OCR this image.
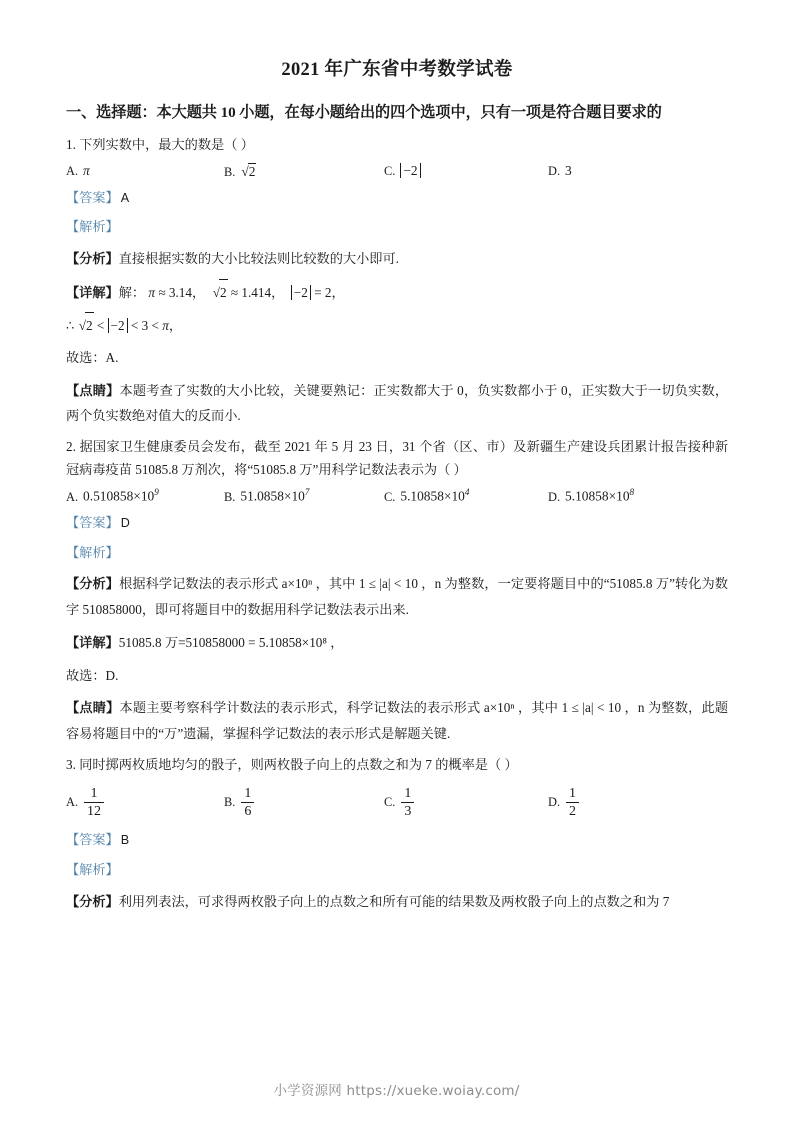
2021 年广东省中考数学试卷
一、选择题：本大题共 10 小题，在每小题给出的四个选项中，只有一项是符合题目要求的
1. 下列实数中，最大的数是（ ）
A. π	B. √2	C. −2	D. 3
【答案】 A
【解析】
【分析】直接根据实数的大小比较法则比较数的大小即可.
【详解】解： π ≈ 3.14，  √2 ≈ 1.414，  −2 = 2，
∴ √2 < −2 < 3 < π，
故选：A.
【点睛】本题考查了实数的大小比较，关键要熟记：正实数都大于 0，负实数都小于 0，正实数大于一切负实数，两个负实数绝对值大的反而小.
2. 据国家卫生健康委员会发布，截至 2021 年 5 月 23 日，31 个省（区、市）及新疆生产建设兵团累计报告接种新冠病毒疫苗 51085.8 万剂次，将“51085.8 万”用科学记数法表示为（ ）
A. $0.510858\times 10^9$	B. $51.0858\times 10^7$	C. $5.10858\times 10^4$	D. $5.10858\times 10^8$
【答案】 D
【解析】
【分析】根据科学记数法的表示形式 a×10ⁿ ，其中 1 ≤ |a| < 10 ，n 为整数，一定要将题目中的“51085.8 万”转化为数字 510858000，即可将题目中的数据用科学记数法表示出来.
【详解】51085.8 万=510858000 = 5.10858×10⁸ ，
故选：D.
【点睛】本题主要考察科学计数法的表示形式，科学记数法的表示形式 a×10ⁿ ，其中 1 ≤ |a| < 10 ，n 为整数，此题容易将题目中的“万”遗漏，掌握科学记数法的表示形式是解题关键.
3. 同时掷两枚质地均匀的骰子，则两枚骰子向上的点数之和为 7 的概率是（ ）
A. $\frac{1}{12}$	B. $\frac{1}{6}$	C. $\frac{1}{3}$	D. $\frac{1}{2}$
【答案】 B
【解析】
【分析】利用列表法，可求得两枚骰子向上的点数之和所有可能的结果数及两枚骰子向上的点数之和为 7
小学资源网 https://xueke.woiay.com/
